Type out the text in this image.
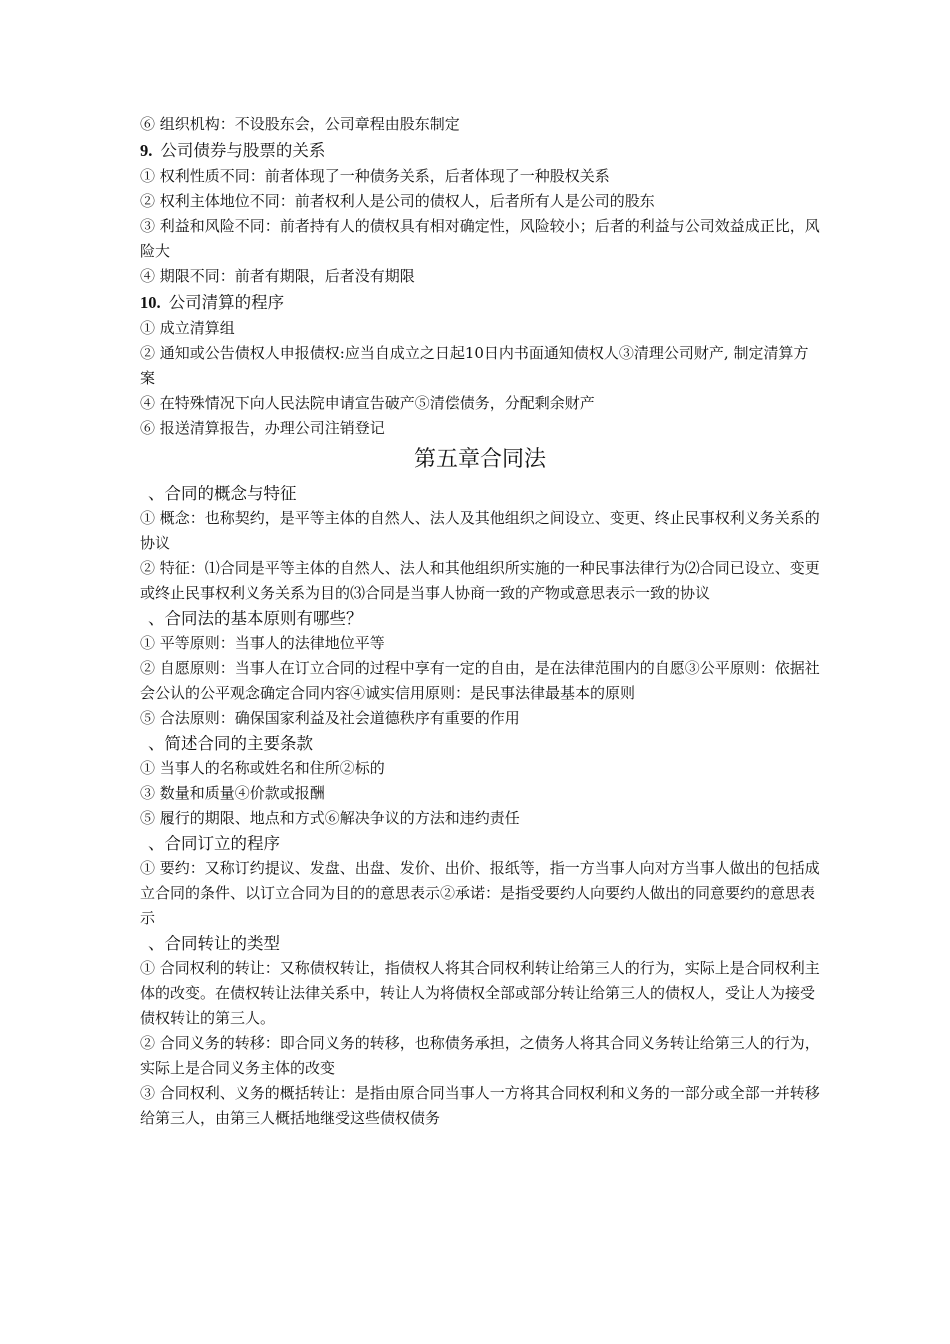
⑥ 组织机构：不设股东会，公司章程由股东制定

9. 公司债券与股票的关系

① 权利性质不同：前者体现了一种债务关系，后者体现了一种股权关系

② 权利主体地位不同：前者权利人是公司的债权人，后者所有人是公司的股东

③ 利益和风险不同：前者持有人的债权具有相对确定性，风险较小；后者的利益与公司效益成正比，风险大

④ 期限不同：前者有期限，后者没有期限

10. 公司清算的程序

① 成立清算组

② 通知或公告债权人申报债权:应当自成立之日起10日内书面通知债权人③清理公司财产, 制定清算方案

④ 在特殊情况下向人民法院申请宣告破产⑤清偿债务，分配剩余财产

⑥ 报送清算报告，办理公司注销登记

第五章合同法

、合同的概念与特征

① 概念：也称契约，是平等主体的自然人、法人及其他组织之间设立、变更、终止民事权利义务关系的协议

② 特征：⑴合同是平等主体的自然人、法人和其他组织所实施的一种民事法律行为⑵合同已设立、变更或终止民事权利义务关系为目的⑶合同是当事人协商一致的产物或意思表示一致的协议

、合同法的基本原则有哪些？

① 平等原则：当事人的法律地位平等

② 自愿原则：当事人在订立合同的过程中享有一定的自由，是在法律范围内的自愿③公平原则：依据社会公认的公平观念确定合同内容④诚实信用原则：是民事法律最基本的原则

⑤ 合法原则：确保国家利益及社会道德秩序有重要的作用

、简述合同的主要条款

① 当事人的名称或姓名和住所②标的

③ 数量和质量④价款或报酬

⑤ 履行的期限、地点和方式⑥解决争议的方法和违约责任

、合同订立的程序

① 要约：又称订约提议、发盘、出盘、发价、出价、报纸等，指一方当事人向对方当事人做出的包括成立合同的条件、以订立合同为目的的意思表示②承诺：是指受要约人向要约人做出的同意要约的意思表示

、合同转让的类型

① 合同权利的转让：又称债权转让，指债权人将其合同权利转让给第三人的行为，实际上是合同权利主体的改变。在债权转让法律关系中，转让人为将债权全部或部分转让给第三人的债权人，受让人为接受债权转让的第三人。

② 合同义务的转移：即合同义务的转移，也称债务承担，之债务人将其合同义务转让给第三人的行为，实际上是合同义务主体的改变

③ 合同权利、义务的概括转让：是指由原合同当事人一方将其合同权利和义务的一部分或全部一并转移给第三人，由第三人概括地继受这些债权债务
